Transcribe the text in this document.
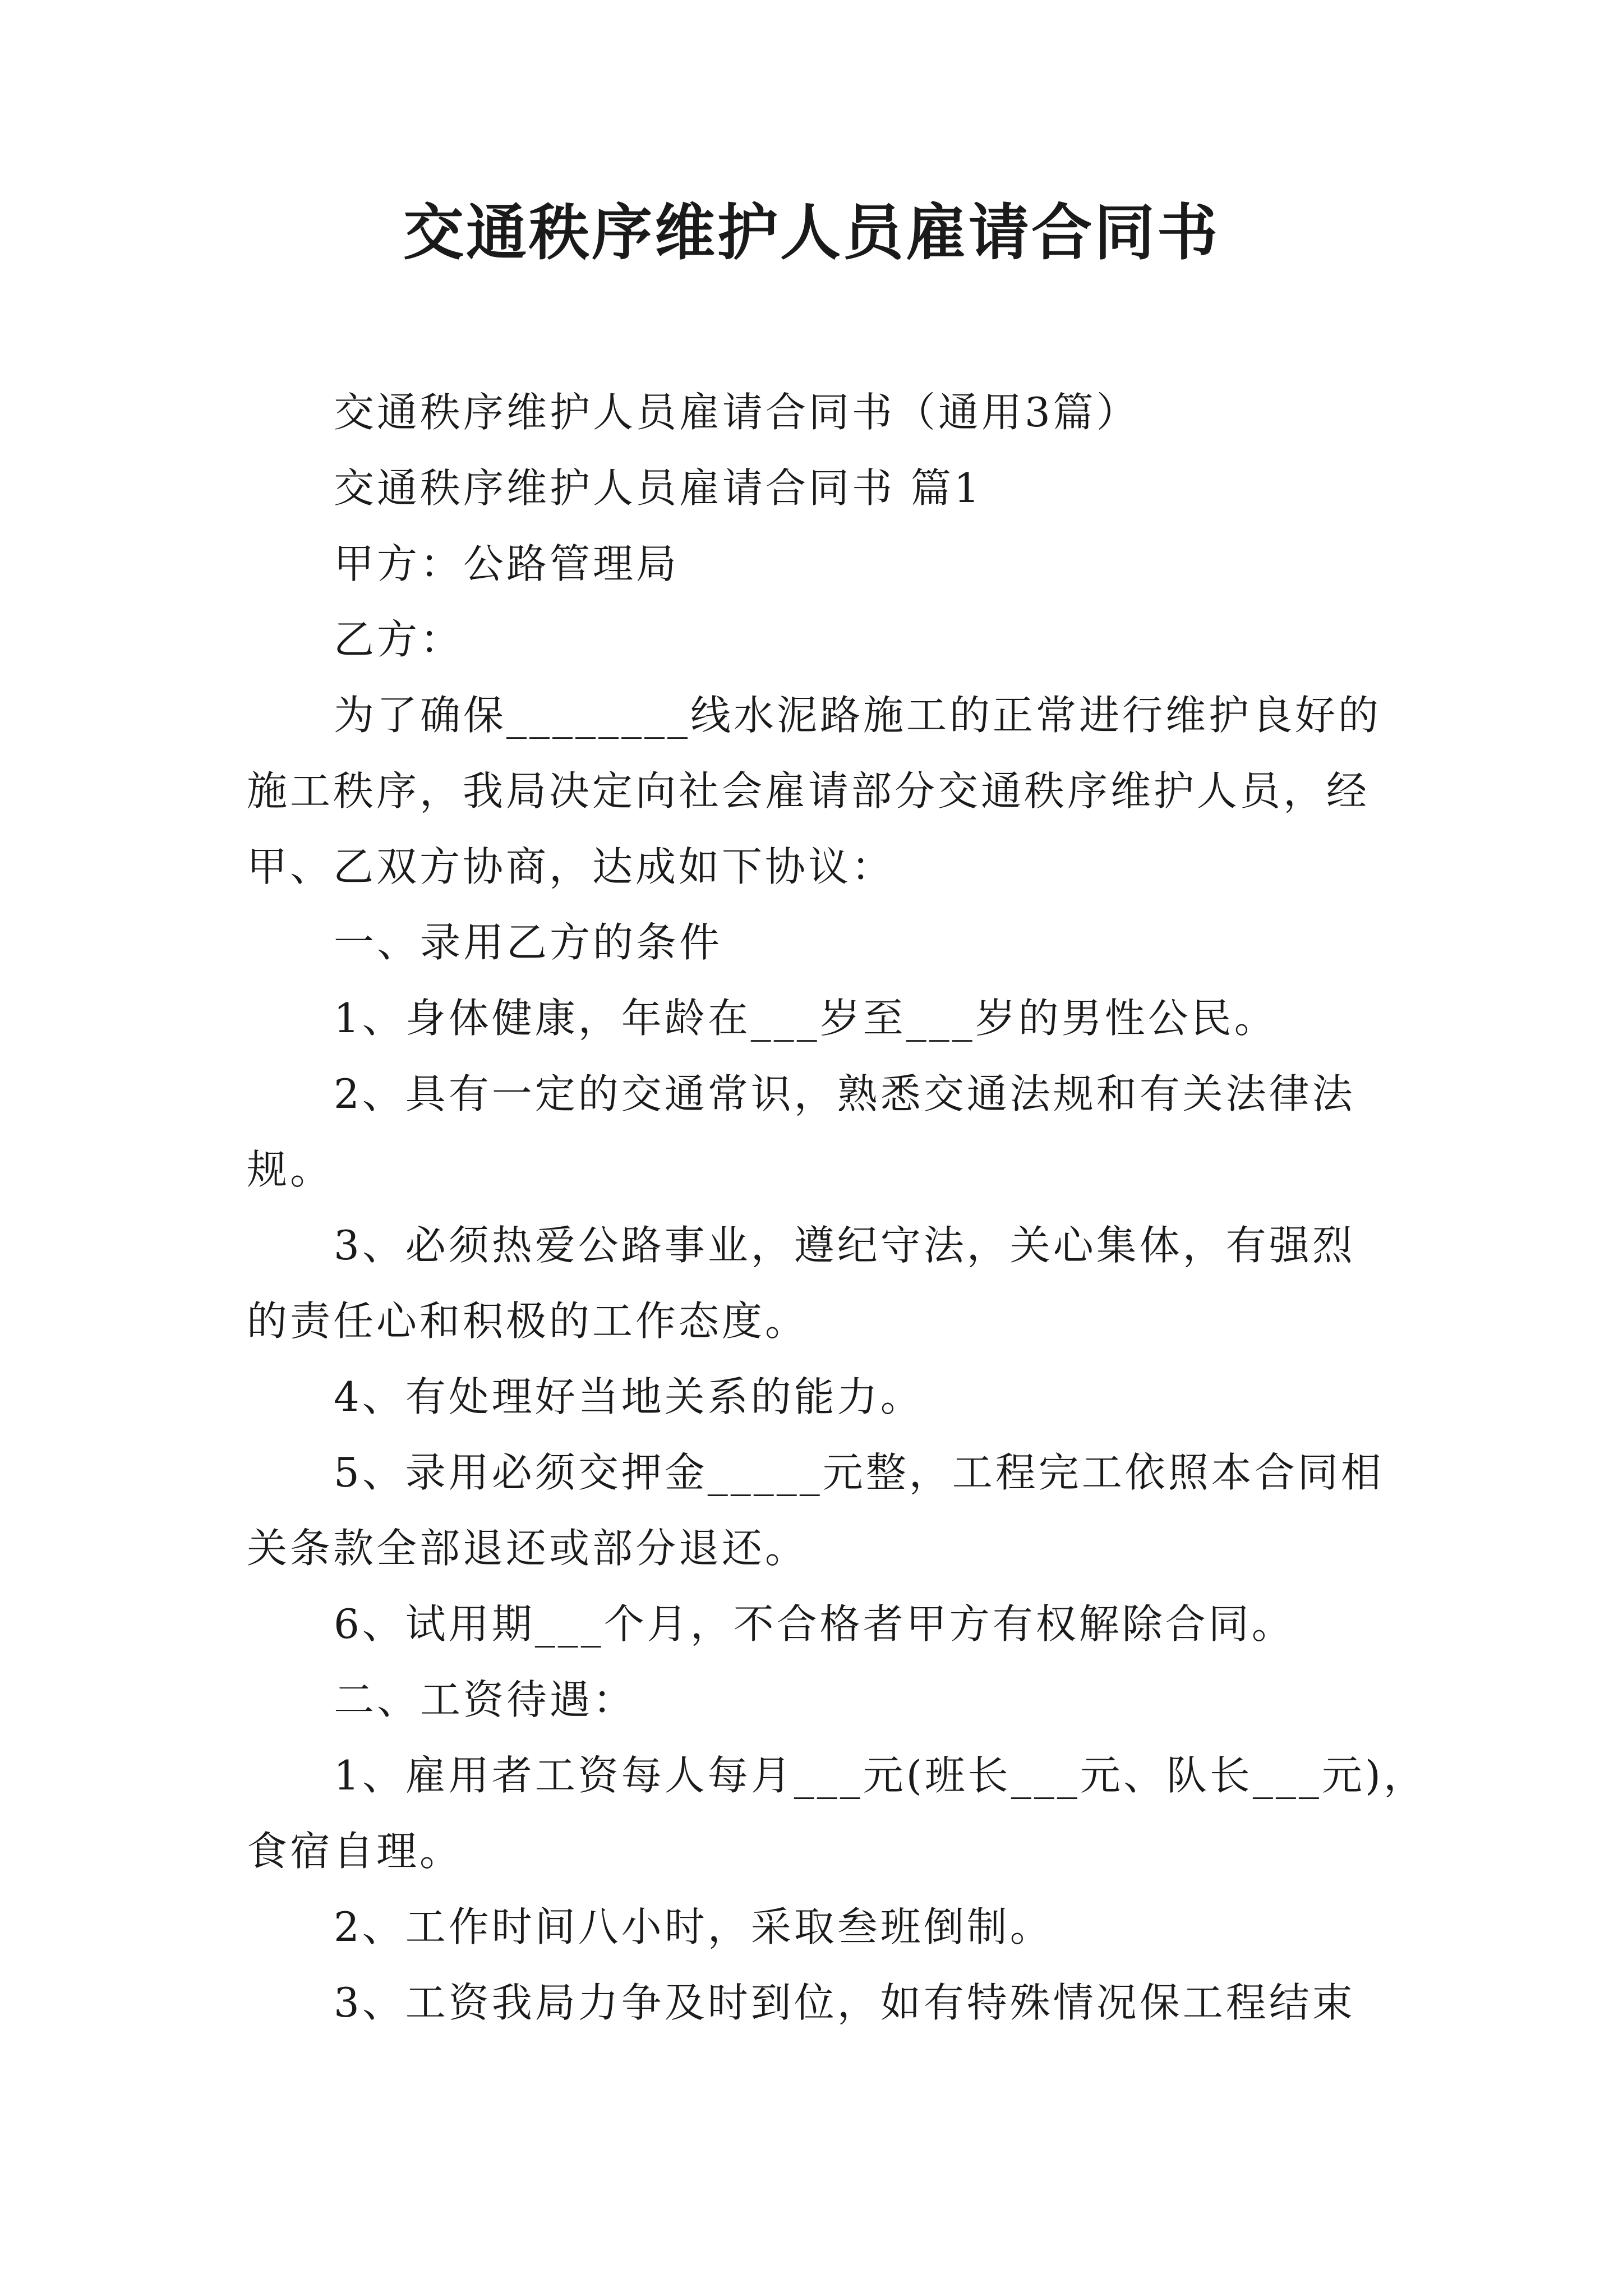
交通秩序维护人员雇请合同书
交通秩序维护人员雇请合同书（通用3篇）
交通秩序维护人员雇请合同书 篇1
甲方：公路管理局
乙方：
为了确保________线水泥路施工的正常进行维护良好的
施工秩序，我局决定向社会雇请部分交通秩序维护人员，经
甲、乙双方协商，达成如下协议：
一、录用乙方的条件
1、身体健康，年龄在___岁至___岁的男性公民。
2、具有一定的交通常识，熟悉交通法规和有关法律法
规。
3、必须热爱公路事业，遵纪守法，关心集体，有强烈
的责任心和积极的工作态度。
4、有处理好当地关系的能力。
5、录用必须交押金_____元整，工程完工依照本合同相
关条款全部退还或部分退还。
6、试用期___个月，不合格者甲方有权解除合同。
二、工资待遇：
1、雇用者工资每人每月___元(班长___元、队长___元)，
食宿自理。
2、工作时间八小时，采取叁班倒制。
3、工资我局力争及时到位，如有特殊情况保工程结束
